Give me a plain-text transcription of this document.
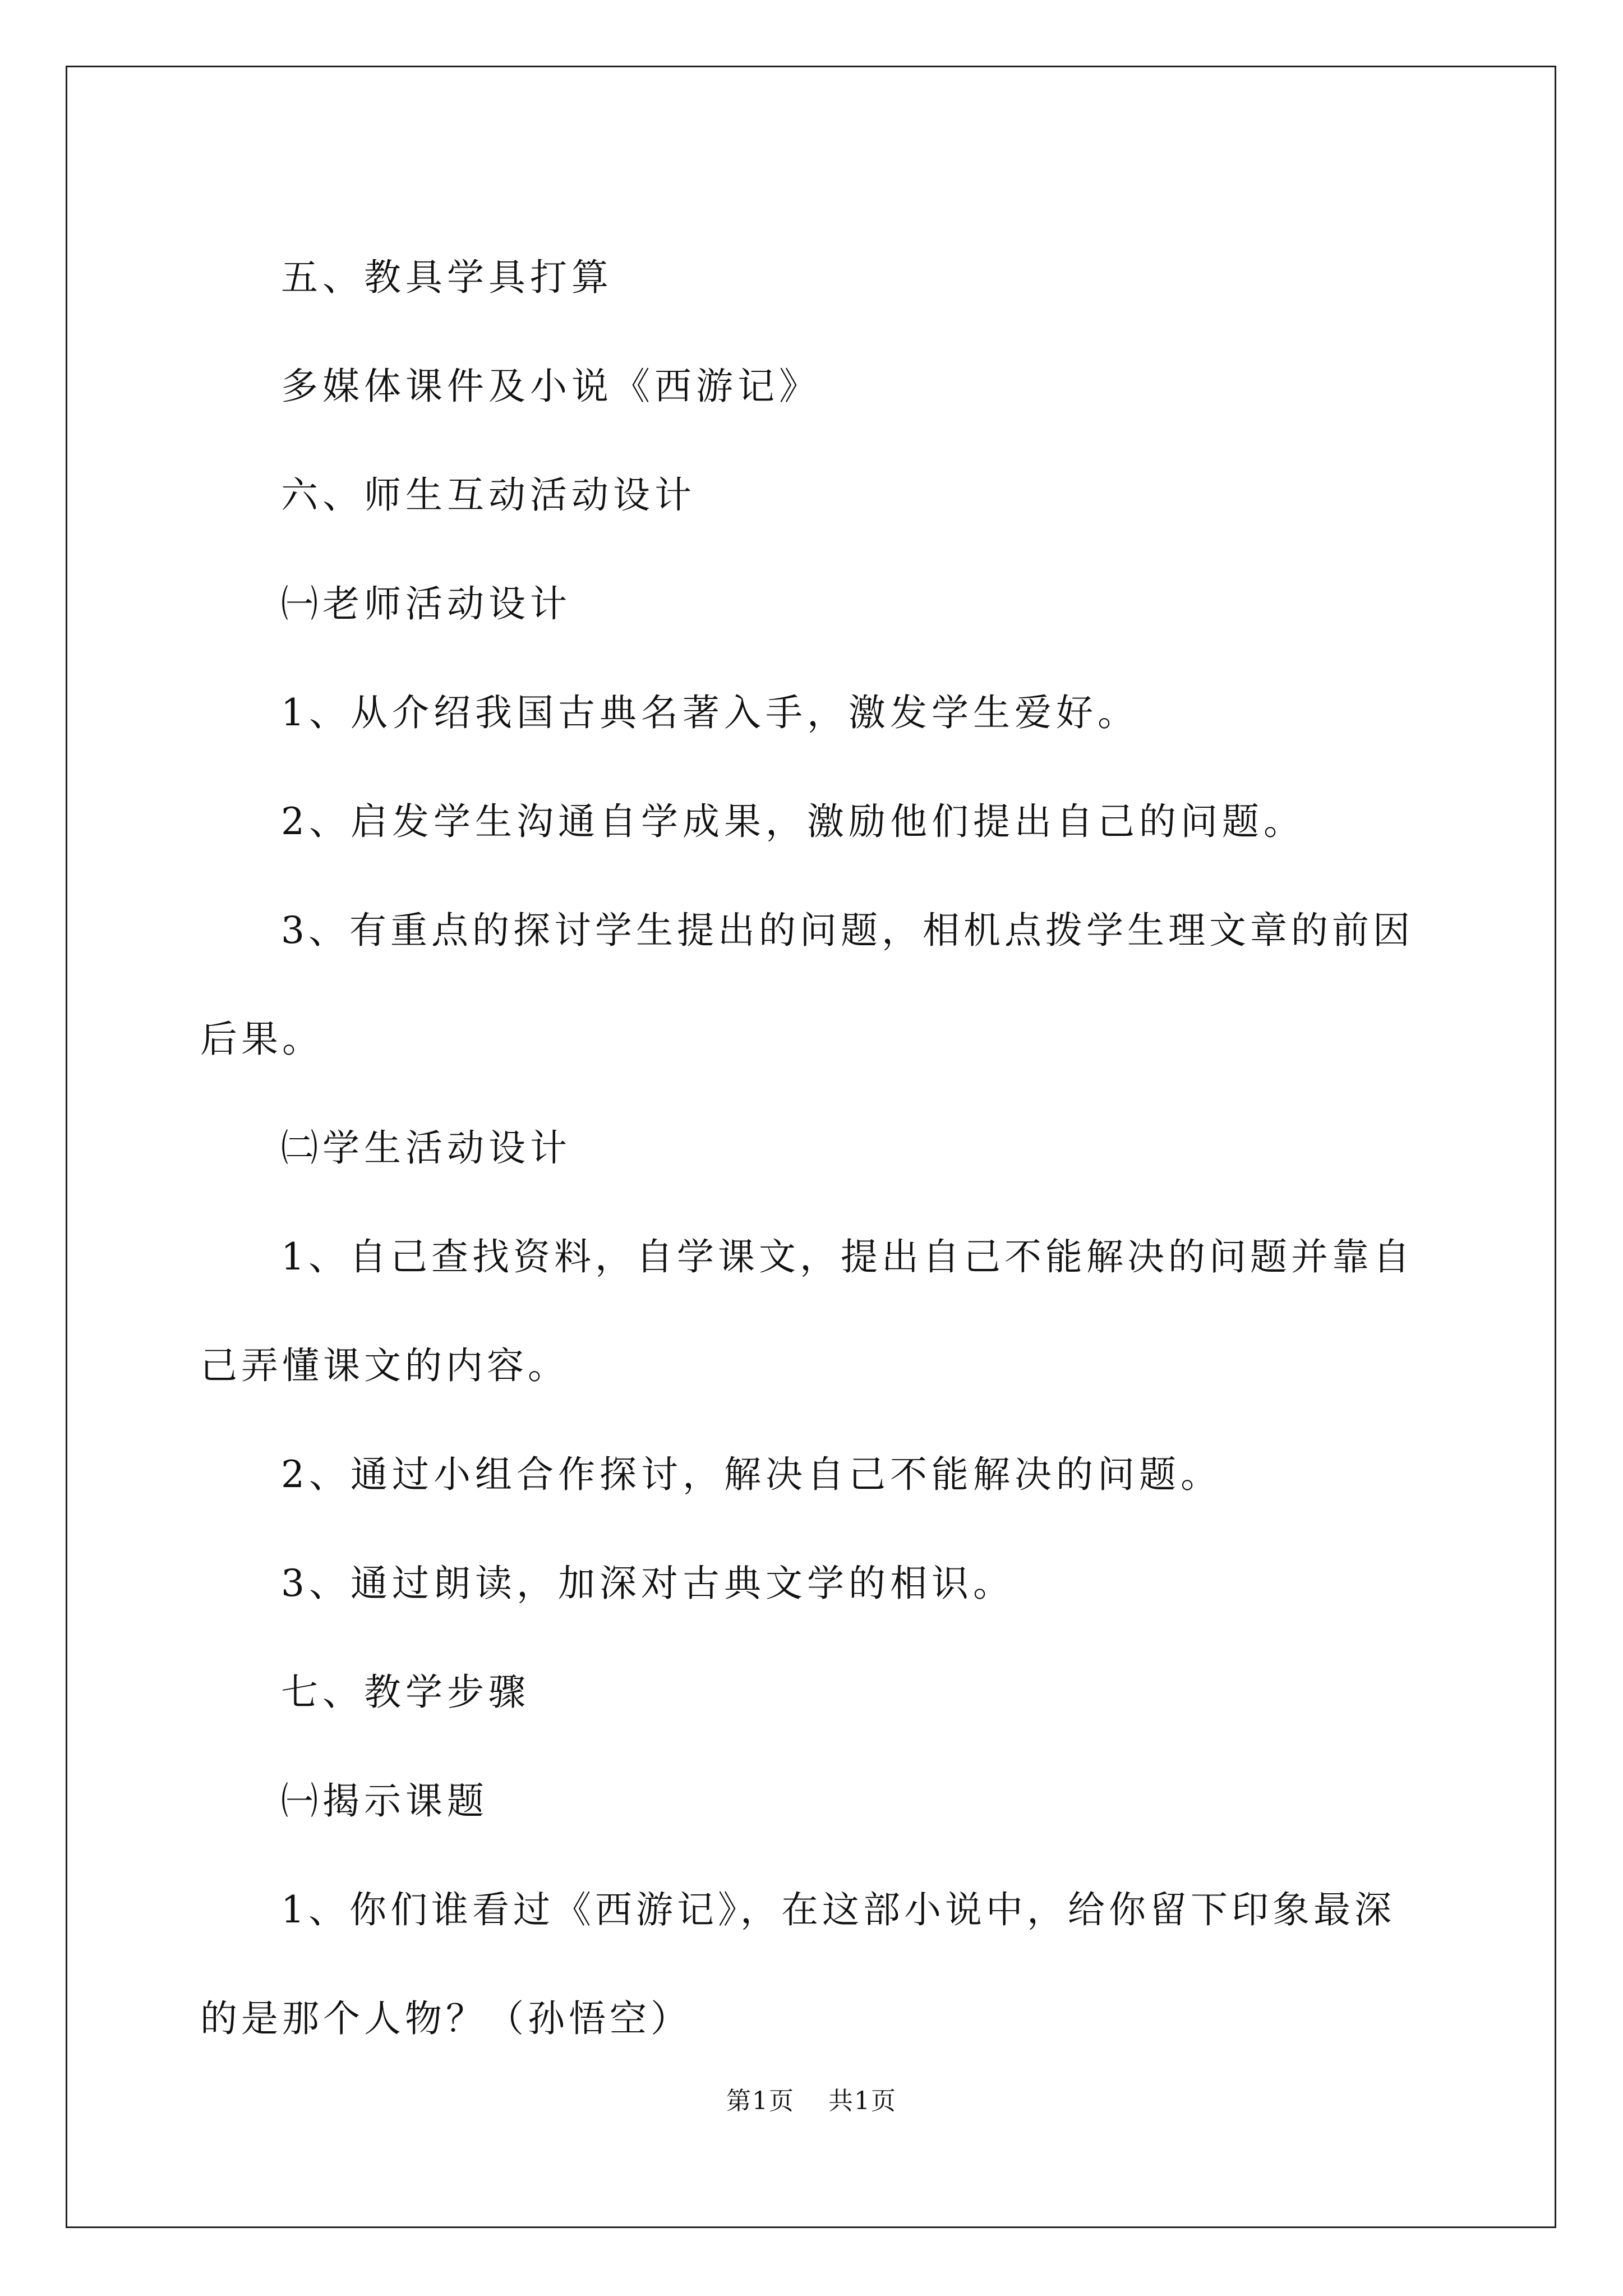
五、教具学具打算

多媒体课件及小说《西游记》

六、师生互动活动设计

㈠老师活动设计

1、从介绍我国古典名著入手，激发学生爱好。

2、启发学生沟通自学成果，激励他们提出自己的问题。

3、有重点的探讨学生提出的问题，相机点拨学生理文章的前因后果。

㈡学生活动设计

1、自己查找资料，自学课文，提出自己不能解决的问题并靠自己弄懂课文的内容。

2、通过小组合作探讨，解决自己不能解决的问题。

3、通过朗读，加深对古典文学的相识。

七、教学步骤

㈠揭示课题

1、你们谁看过《西游记》，在这部小说中，给你留下印象最深的是那个人物？（孙悟空）

第1页 共1页
